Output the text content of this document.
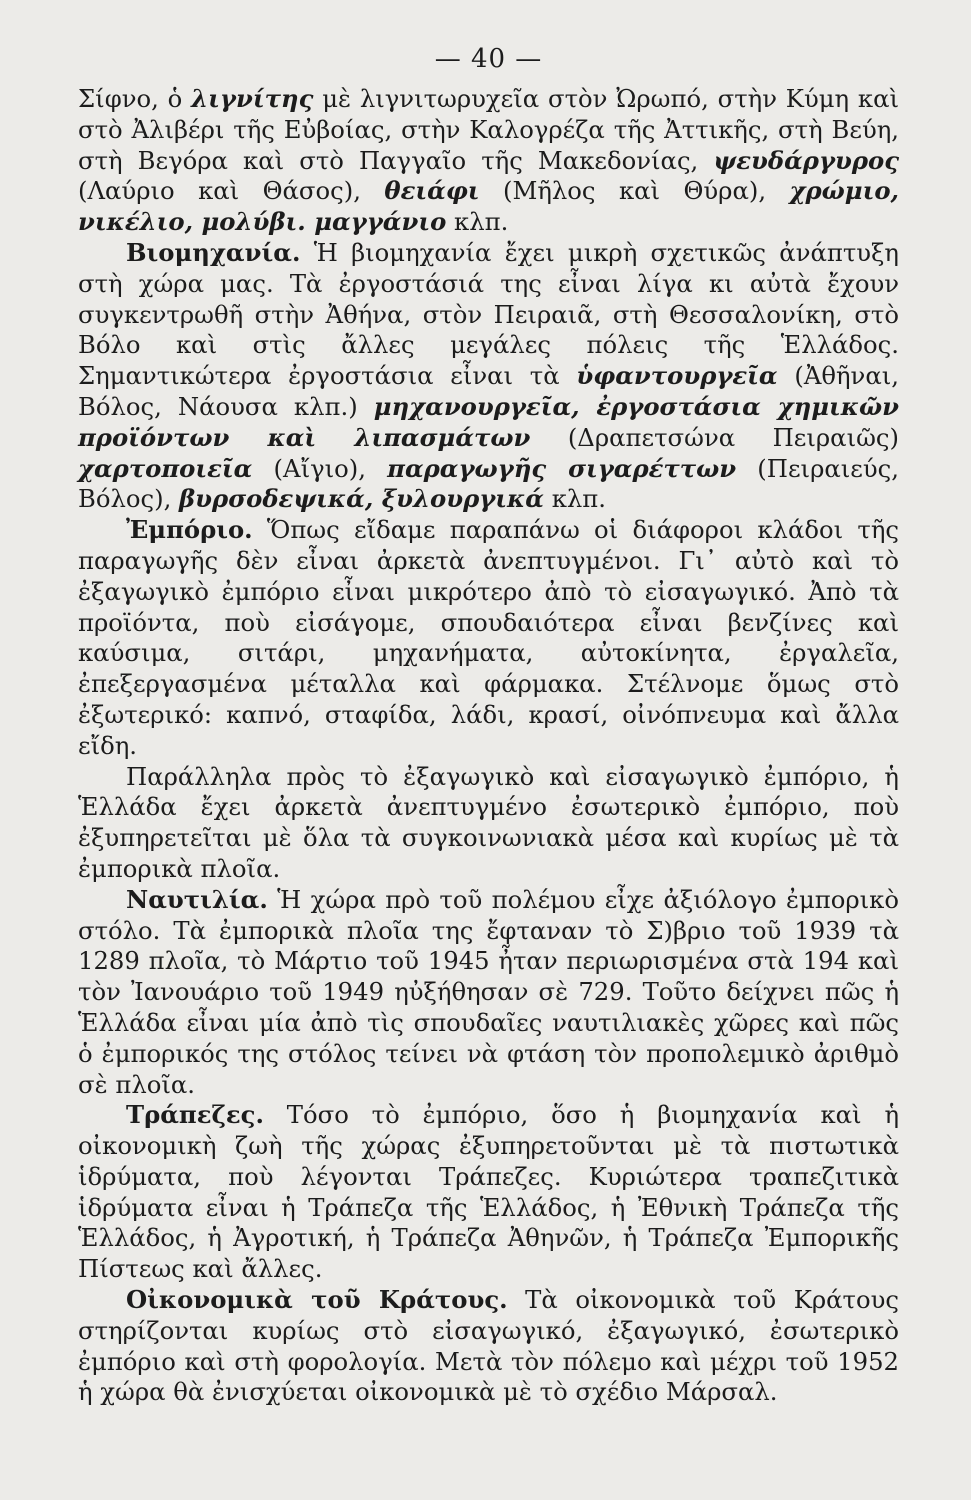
— 40 —

Σίφνο, ὁ λιγνίτης μὲ λιγνιτωρυχεῖα στὸν Ὠρωπό, στὴν Κύμη καὶ στὸ Ἀλιβέρι τῆς Εὐβοίας, στὴν Καλογρέζα τῆς Ἀττικῆς, στὴ Βεύη, στὴ Βεγόρα καὶ στὸ Παγγαῖο τῆς Μακεδονίας, ψευδάργυρος (Λαύριο καὶ Θάσος), θειάφι (Μῆλος καὶ Θύρα), χρώμιο, νικέλιο, μολύβι. μαγγάνιο κλπ.

Βιομηχανία. Ἡ βιομηχανία ἔχει μικρὴ σχετικῶς ἀνάπτυξη στὴ χώρα μας. Τὰ ἐργοστάσιά της εἶναι λίγα κι αὐτὰ ἔχουν συγκεντρωθῆ στὴν Ἀθήνα, στὸν Πειραιᾶ, στὴ Θεσσαλονίκη, στὸ Βόλο καὶ στὶς ἄλλες μεγάλες πόλεις τῆς Ἑλλάδος. Σημαντικώτερα ἐργοστάσια εἶναι τὰ ὑφαντουργεῖα (Ἀθῆναι, Βόλος, Νάουσα κλπ.) μηχανουργεῖα, ἐργοστάσια χημικῶν προϊόντων καὶ λιπασμάτων (Δραπετσώνα Πειραιῶς) χαρτοποιεῖα (Αἴγιο), παραγωγῆς σιγαρέττων (Πειραιεύς, Βόλος), βυρσοδεψικά, ξυλουργικά κλπ.

Ἐμπόριο. Ὅπως εἴδαμε παραπάνω οἱ διάφοροι κλάδοι τῆς παραγωγῆς δὲν εἶναι ἀρκετὰ ἀνεπτυγμένοι. Γι᾿ αὐτὸ καὶ τὸ ἐξαγωγικὸ ἐμπόριο εἶναι μικρότερο ἀπὸ τὸ εἰσαγωγικό. Ἀπὸ τὰ προϊόντα, ποὺ εἰσάγομε, σπουδαιότερα εἶναι βενζίνες καὶ καύσιμα, σιτάρι, μηχανήματα, αὐτοκίνητα, ἐργαλεῖα, ἐπεξεργασμένα μέταλλα καὶ φάρμακα. Στέλνομε ὅμως στὸ ἐξωτερικό: καπνό, σταφίδα, λάδι, κρασί, οἰνόπνευμα καὶ ἄλλα εἴδη.

Παράλληλα πρὸς τὸ ἐξαγωγικὸ καὶ εἰσαγωγικὸ ἐμπόριο, ἡ Ἑλλάδα ἔχει ἀρκετὰ ἀνεπτυγμένο ἐσωτερικὸ ἐμπόριο, ποὺ ἐξυπηρετεῖται μὲ ὅλα τὰ συγκοινωνιακὰ μέσα καὶ κυρίως μὲ τὰ ἐμπορικὰ πλοῖα.

Ναυτιλία. Ἡ χώρα πρὸ τοῦ πολέμου εἶχε ἀξιόλογο ἐμπορικὸ στόλο. Τὰ ἐμπορικὰ πλοῖα της ἔφταναν τὸ Σ)βριο τοῦ 1939 τὰ 1289 πλοῖα, τὸ Μάρτιο τοῦ 1945 ἦταν περιωρισμένα στὰ 194 καὶ τὸν Ἰανουάριο τοῦ 1949 ηὐξήθησαν σὲ 729. Τοῦτο δείχνει πῶς ἡ Ἑλλάδα εἶναι μία ἀπὸ τὶς σπουδαῖες ναυτιλιακὲς χῶρες καὶ πῶς ὁ ἐμπορικός της στόλος τείνει νὰ φτάση τὸν προπολεμικὸ ἀριθμὸ σὲ πλοῖα.

Τράπεζες. Τόσο τὸ ἐμπόριο, ὅσο ἡ βιομηχανία καὶ ἡ οἰκονομικὴ ζωὴ τῆς χώρας ἐξυπηρετοῦνται μὲ τὰ πιστωτικὰ ἱδρύματα, ποὺ λέγονται Τράπεζες. Κυριώτερα τραπεζιτικὰ ἱδρύματα εἶναι ἡ Τράπεζα τῆς Ἑλλάδος, ἡ Ἐθνικὴ Τράπεζα τῆς Ἑλλάδος, ἡ Ἀγροτική, ἡ Τράπεζα Ἀθηνῶν, ἡ Τράπεζα Ἐμπορικῆς Πίστεως καὶ ἄλλες.

Οἰκονομικὰ τοῦ Κράτους. Τὰ οἰκονομικὰ τοῦ Κράτους στηρίζονται κυρίως στὸ εἰσαγωγικό, ἐξαγωγικό, ἐσωτερικὸ ἐμπόριο καὶ στὴ φορολογία. Μετὰ τὸν πόλεμο καὶ μέχρι τοῦ 1952 ἡ χώρα θὰ ἐνισχύεται οἰκονομικὰ μὲ τὸ σχέδιο Μάρσαλ.
